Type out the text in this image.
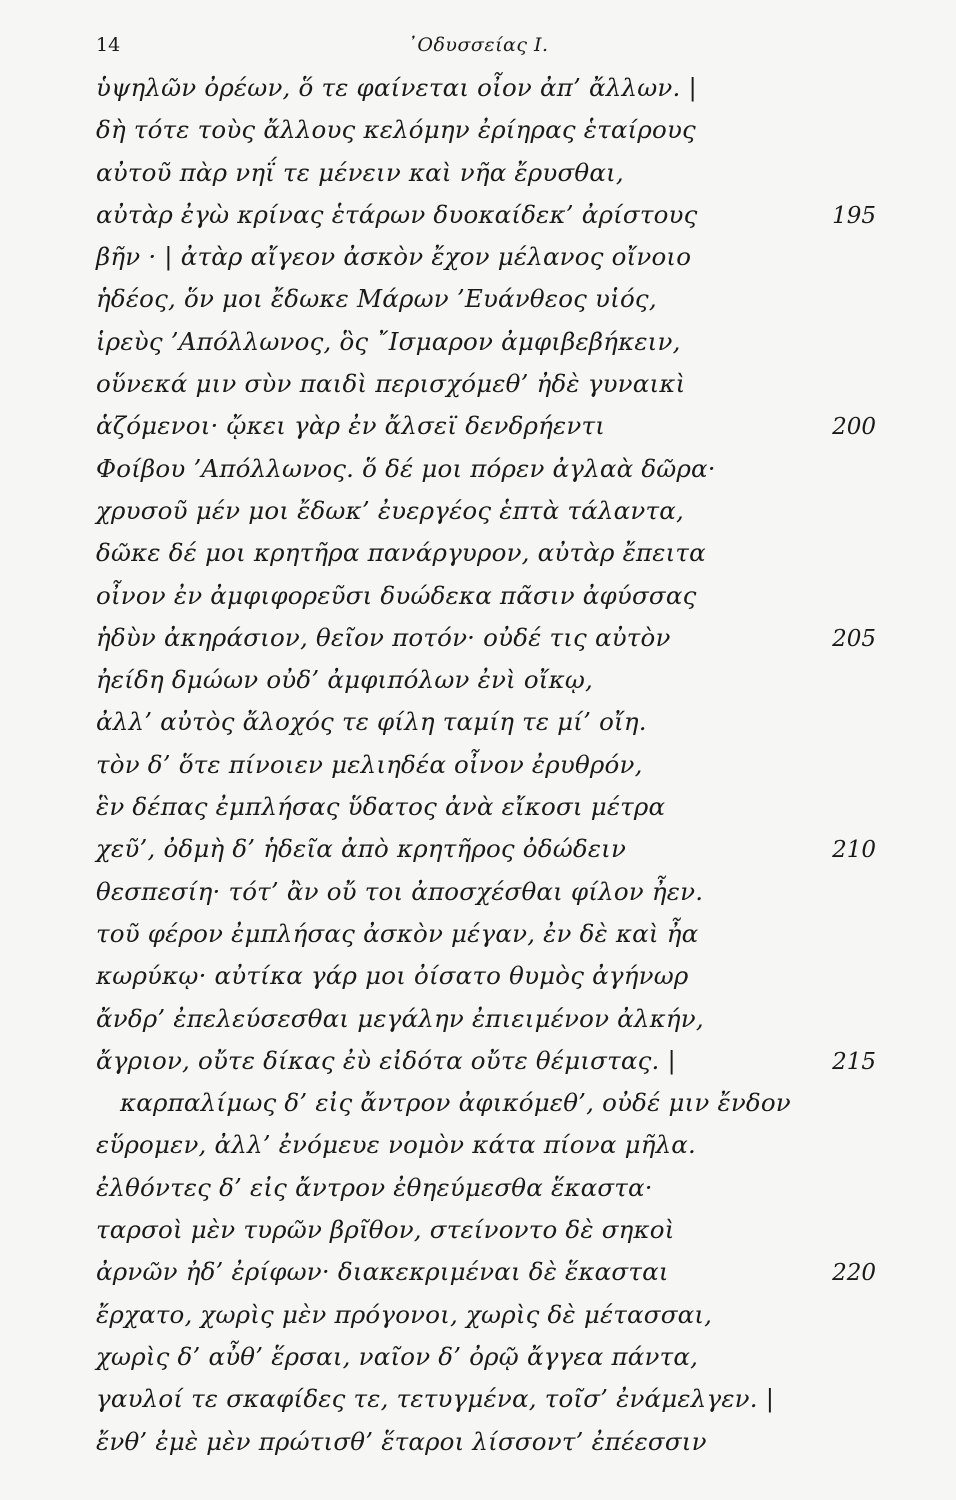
14	᾿Οδυσσείας Ι.
ὑψηλῶν ὀρέων, ὅ τε φαίνεται οἶον ἀπ’ ἄλλων. |
δὴ τότε τοὺς ἄλλους κελόμην ἐρίηρας ἑταίρους
αὐτοῦ πὰρ νηΐ τε μένειν καὶ νῆα ἔρυσθαι,
αὐτὰρ ἐγὼ κρίνας ἑτάρων δυοκαίδεκ’ ἀρίστους	195
βῆν · | ἀτὰρ αἴγεον ἀσκὸν ἔχον μέλανος οἴνοιο
ἡδέος, ὅν μοι ἔδωκε Μάρων ’Ευάνθεος υἱός,
ἱρεὺς ’Απόλλωνος, ὃς ῎Ισμαρον ἀμφιβεβήκειν,
οὕνεκά μιν σὺν παιδὶ περισχόμεθ’ ἠδὲ γυναικὶ
ἁζόμενοι· ᾤκει γὰρ ἐν ἄλσεϊ δενδρήεντι	200
Φοίβου ’Απόλλωνος. ὅ δέ μοι πόρεν ἀγλαὰ δῶρα·
χρυσοῦ μέν μοι ἔδωκ’ ἐυεργέος ἑπτὰ τάλαντα,
δῶκε δέ μοι κρητῆρα πανάργυρον, αὐτὰρ ἔπειτα
οἶνον ἐν ἀμφιφορεῦσι δυώδεκα πᾶσιν ἀφύσσας
ἡδὺν ἀκηράσιον, θεῖον ποτόν· οὐδέ τις αὐτὸν	205
ἠείδη δμώων οὐδ’ ἀμφιπόλων ἐνὶ οἴκῳ,
ἀλλ’ αὐτὸς ἄλοχός τε φίλη ταμίη τε μί’ οἴη.
τὸν δ’ ὅτε πίνοιεν μελιηδέα οἶνον ἐρυθρόν,
ἓν δέπας ἐμπλήσας ὕδατος ἀνὰ εἴκοσι μέτρα
χεῦ’, ὀδμὴ δ’ ἡδεῖα ἀπὸ κρητῆρος ὀδώδειν	210
θεσπεσίη· τότ’ ἂν οὔ τοι ἀποσχέσθαι φίλον ἦεν.
τοῦ φέρον ἐμπλήσας ἀσκὸν μέγαν, ἐν δὲ καὶ ἦα
κωρύκῳ· αὐτίκα γάρ μοι ὀίσατο θυμὸς ἀγήνωρ
ἄνδρ’ ἐπελεύσεσθαι μεγάλην ἐπιειμένον ἀλκήν,
ἄγριον, οὔτε δίκας ἐὺ εἰδότα οὔτε θέμιστας. |	215
καρπαλίμως δ’ εἰς ἄντρον ἀφικόμεθ’, οὐδέ μιν ἔνδον
εὕρομεν, ἀλλ’ ἐνόμευε νομὸν κάτα πίονα μῆλα.
ἐλθόντες δ’ εἰς ἄντρον ἐθηεύμεσθα ἕκαστα·
ταρσοὶ μὲν τυρῶν βρῖθον, στείνοντο δὲ σηκοὶ
ἀρνῶν ἠδ’ ἐρίφων· διακεκριμέναι δὲ ἕκασται	220
ἔρχατο, χωρὶς μὲν πρόγονοι, χωρὶς δὲ μέτασσαι,
χωρὶς δ’ αὖθ’ ἕρσαι, ναῖον δ’ ὀρῷ ἄγγεα πάντα,
γαυλοί τε σκαφίδες τε, τετυγμένα, τοῖσ’ ἐνάμελγεν. |
ἔνθ’ ἐμὲ μὲν πρώτισθ’ ἕταροι λίσσοντ’ ἐπέεσσιν
